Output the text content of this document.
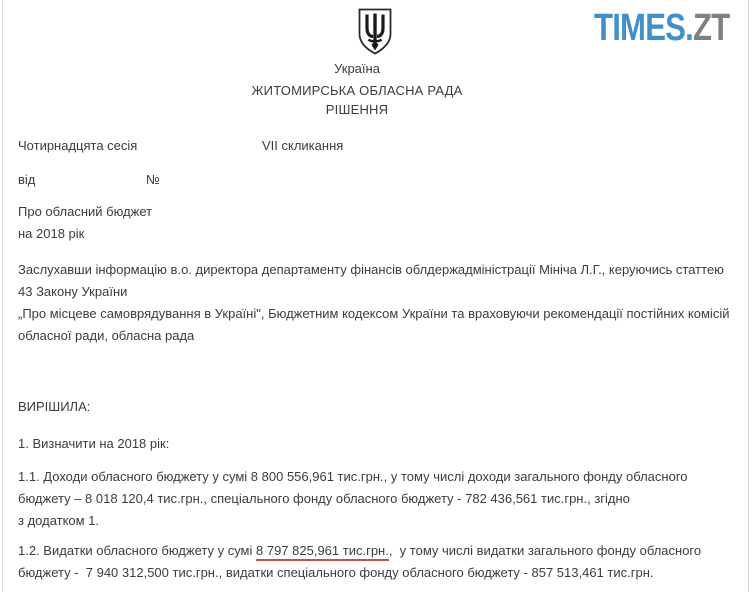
TIMES.ZT
Україна
ЖИТОМИРСЬКА ОБЛАСНА РАДА
РІШЕННЯ
Чотирнадцята сесія	VII скликання
від	№
Про обласний бюджет
на 2018 рік
Заслухавши інформацію в.о. директора департаменту фінансів облдержадміністрації Мініча Л.Г., керуючись статтею
43 Закону України
„Про місцеве самоврядування в Україні", Бюджетним кодексом України та враховуючи рекомендації постійних комісій
обласної ради, обласна рада
ВИРІШИЛА:
1. Визначити на 2018 рік:
1.1. Доходи обласного бюджету у сумі 8 800 556,961 тис.грн., у тому числі доходи загального фонду обласного
бюджету – 8 018 120,4 тис.грн., спеціального фонду обласного бюджету - 782 436,561 тис.грн., згідно
з додатком 1.
1.2. Видатки обласного бюджету у сумі 8 797 825,961 тис.грн.,  у тому числі видатки загального фонду обласного
бюджету -  7 940 312,500 тис.грн., видатки спеціального фонду обласного бюджету - 857 513,461 тис.грн.
